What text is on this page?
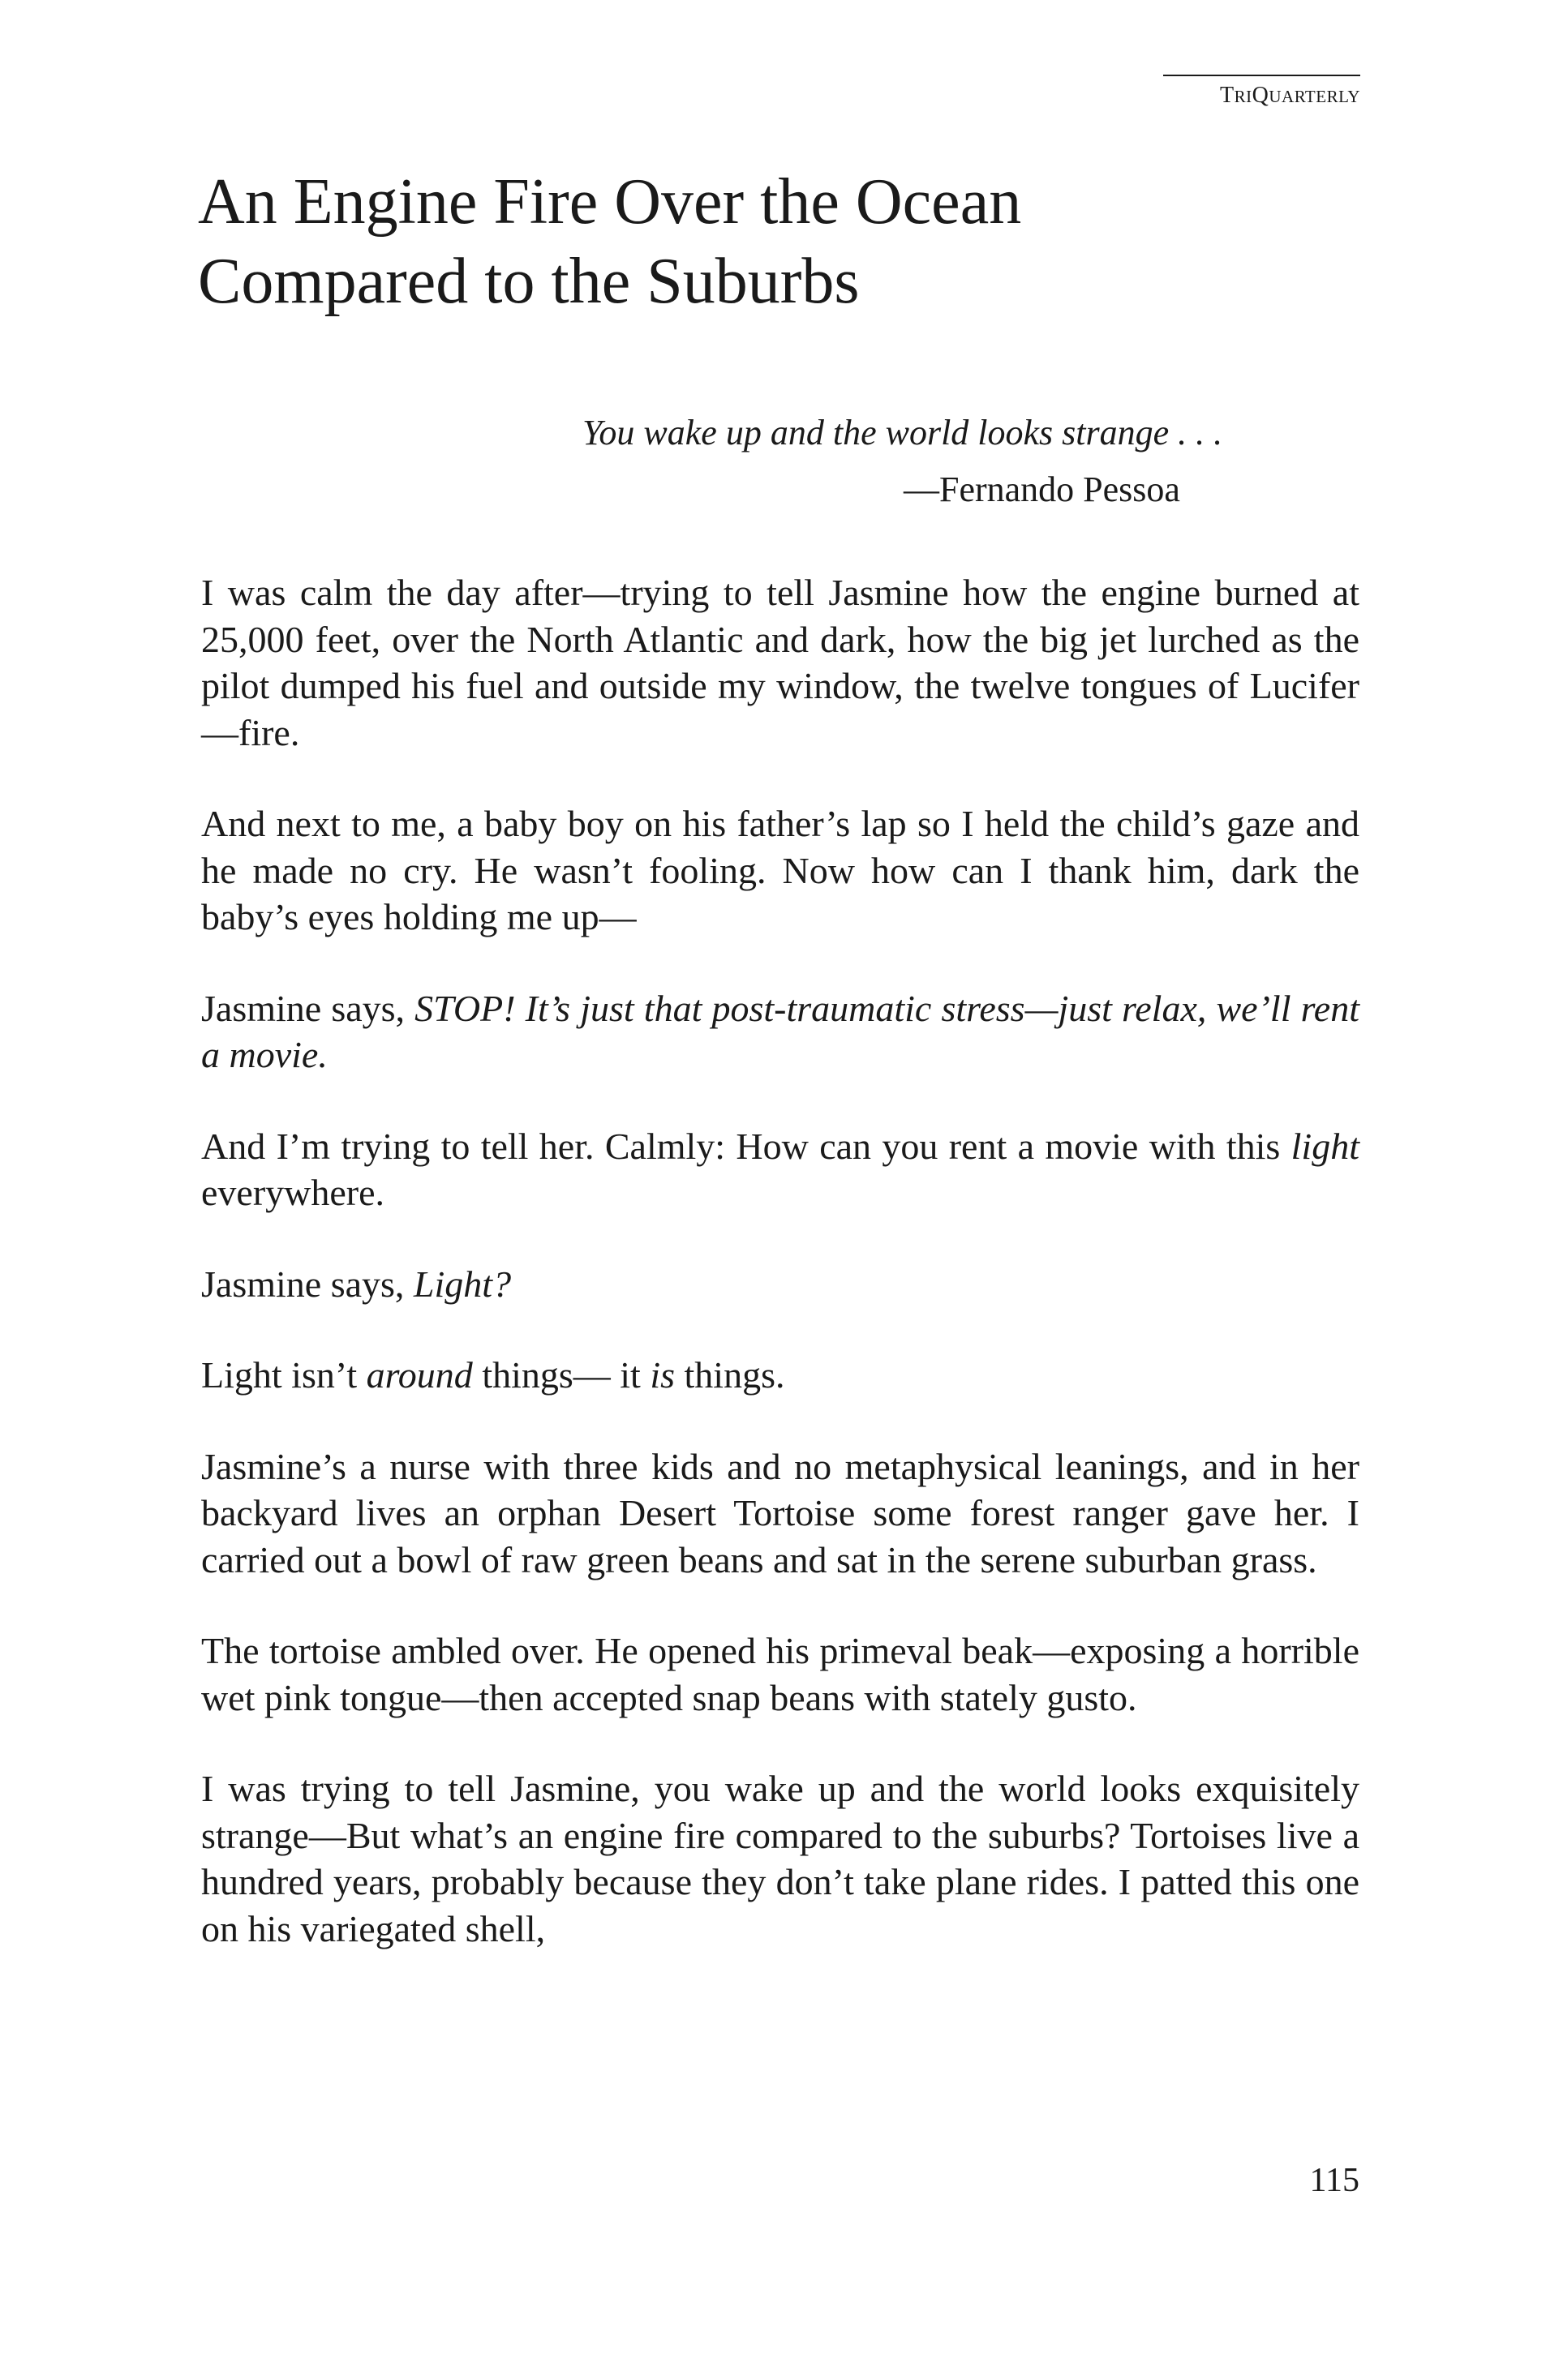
TRIQUARTERLY
An Engine Fire Over the Ocean
Compared to the Suburbs
You wake up and the world looks strange . . .
—Fernando Pessoa

I was calm the day after—trying to tell Jasmine how the engine burned at 25,000 feet, over the North Atlantic and dark, how the big jet lurched as the pilot dumped his fuel and outside my window, the twelve tongues of Lucifer—fire.

And next to me, a baby boy on his father’s lap so I held the child’s gaze and he made no cry. He wasn’t fooling. Now how can I thank him, dark the baby’s eyes holding me up—

Jasmine says, STOP! It’s just that post-traumatic stress—just relax, we’ll rent a movie.

And I’m trying to tell her. Calmly: How can you rent a movie with this light everywhere.

Jasmine says, Light?

Light isn’t around things— it is things.

Jasmine’s a nurse with three kids and no metaphysical leanings, and in her backyard lives an orphan Desert Tortoise some forest ranger gave her. I carried out a bowl of raw green beans and sat in the serene suburban grass.

The tortoise ambled over. He opened his primeval beak—exposing a horrible wet pink tongue—then accepted snap beans with stately gusto.

I was trying to tell Jasmine, you wake up and the world looks exquisitely strange—But what’s an engine fire compared to the suburbs? Tortoises live a hundred years, probably because they don’t take plane rides. I patted this one on his variegated shell,

115
